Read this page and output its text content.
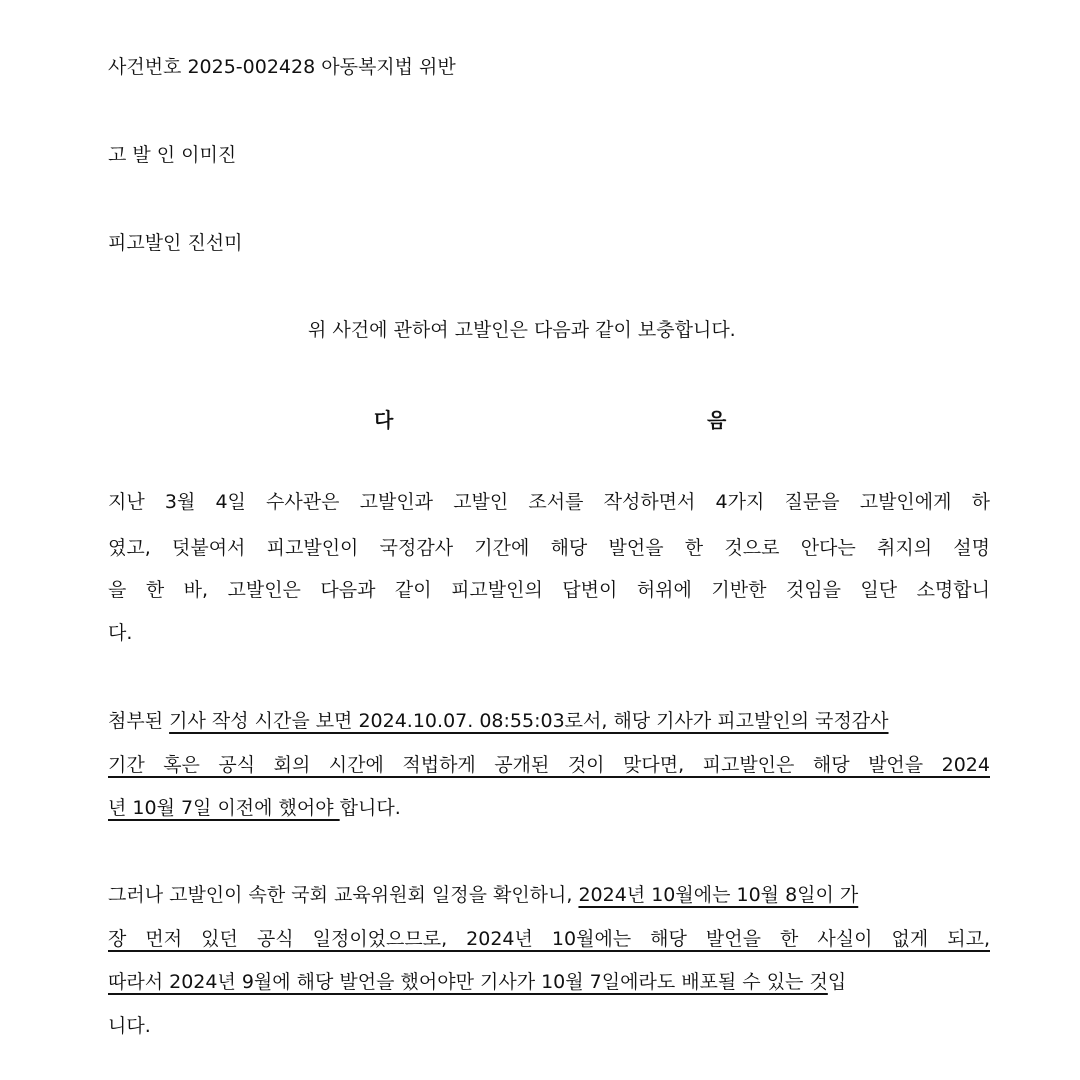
사건번호 2025-002428 아동복지법 위반
고 발 인 이미진
피고발인 진선미
위 사건에 관하여 고발인은 다음과 같이 보충합니다.
다	음
지난 3월 4일 수사관은 고발인과 고발인 조서를 작성하면서 4가지 질문을 고발인에게 하
였고, 덧붙여서 피고발인이 국정감사 기간에 해당 발언을 한 것으로 안다는 취지의 설명
을 한 바, 고발인은 다음과 같이 피고발인의 답변이 허위에 기반한 것임을 일단 소명합니
다.
첨부된 기사 작성 시간을 보면 2024.10.07. 08:55:03로서, 해당 기사가 피고발인의 국정감사
기간 혹은 공식 회의 시간에 적법하게 공개된 것이 맞다면, 피고발인은 해당 발언을 2024
년 10월 7일 이전에 했어야 합니다.
그러나 고발인이 속한 국회 교육위원회 일정을 확인하니, 2024년 10월에는 10월 8일이 가
장 먼저 있던 공식 일정이었으므로, 2024년 10월에는 해당 발언을 한 사실이 없게 되고,
따라서 2024년 9월에 해당 발언을 했어야만 기사가 10월 7일에라도 배포될 수 있는 것입
니다.
